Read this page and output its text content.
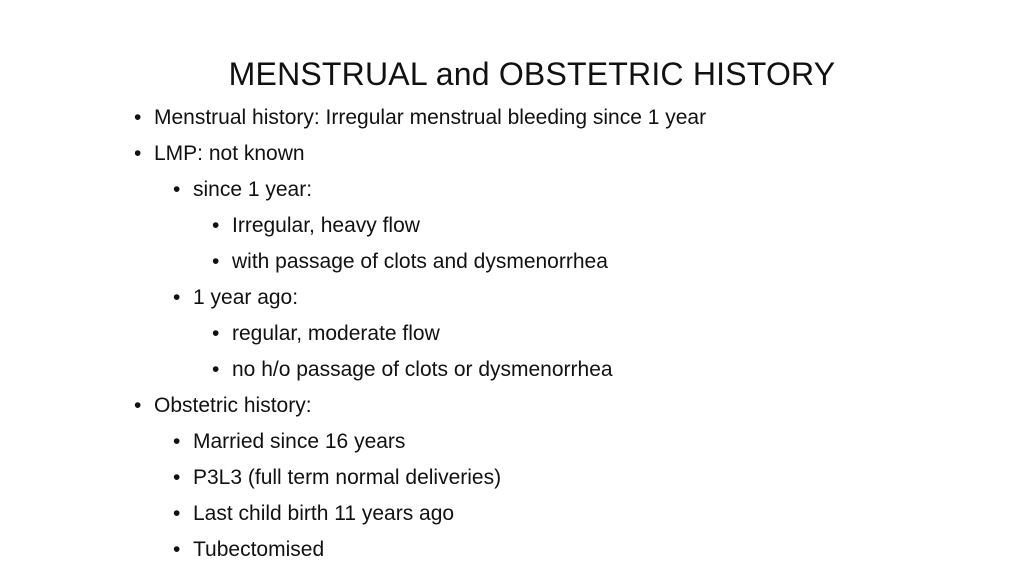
MENSTRUAL and OBSTETRIC HISTORY
• Menstrual history: Irregular menstrual bleeding since 1 year
• LMP: not known
• since 1 year:
• Irregular, heavy flow
• with passage of clots and dysmenorrhea
• 1 year ago:
• regular, moderate flow
• no h/o passage of clots or dysmenorrhea
• Obstetric history:
• Married since 16 years
• P3L3 (full term normal deliveries)
• Last child birth 11 years ago
• Tubectomised
